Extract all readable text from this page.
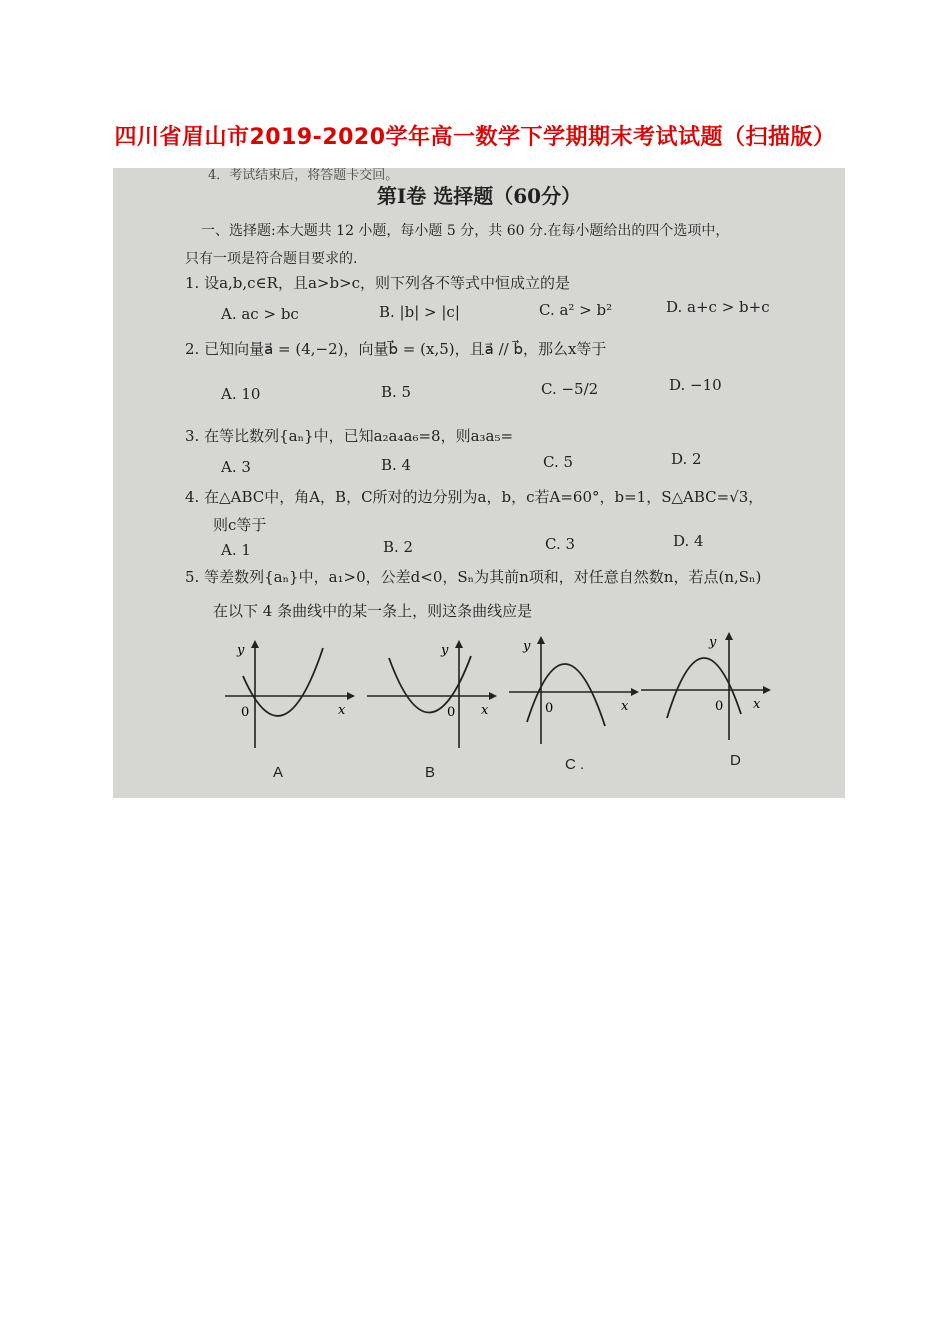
四川省眉山市2019-2020学年高一数学下学期期末考试试题（扫描版）
4．考试结束后，将答题卡交回。
第I卷 选择题（60分）
一、选择题:本大题共 12 小题，每小题 5 分，共 60 分.在每小题给出的四个选项中，
只有一项是符合题目要求的.
1. 设a,b,c∈R，且a>b>c，则下列各不等式中恒成立的是
A. ac > bc	B. |b| > |c|	C. a² > b²	D. a+c > b+c
2. 已知向量a⃗ = (4,−2)，向量b⃗ = (x,5)，且a⃗ // b⃗，那么x等于
A. 10	B. 5	C. −5/2	D. −10
3. 在等比数列{aₙ}中，已知a₂a₄a₆=8，则a₃a₅=
A. 3	B. 4	C. 5	D. 2
4. 在△ABC中，角A，B，C所对的边分别为a，b，c若A=60°，b=1，S△ABC=√3，
则c等于
A. 1	B. 2	C. 3	D. 4
5. 等差数列{aₙ}中，a₁>0，公差d<0，Sₙ为其前n项和，对任意自然数n，若点(n,Sₙ)
在以下 4 条曲线中的某一条上，则这条曲线应是
y
x
0
A
y
x
0
B
y
x
0
C .
y
x
0
D
